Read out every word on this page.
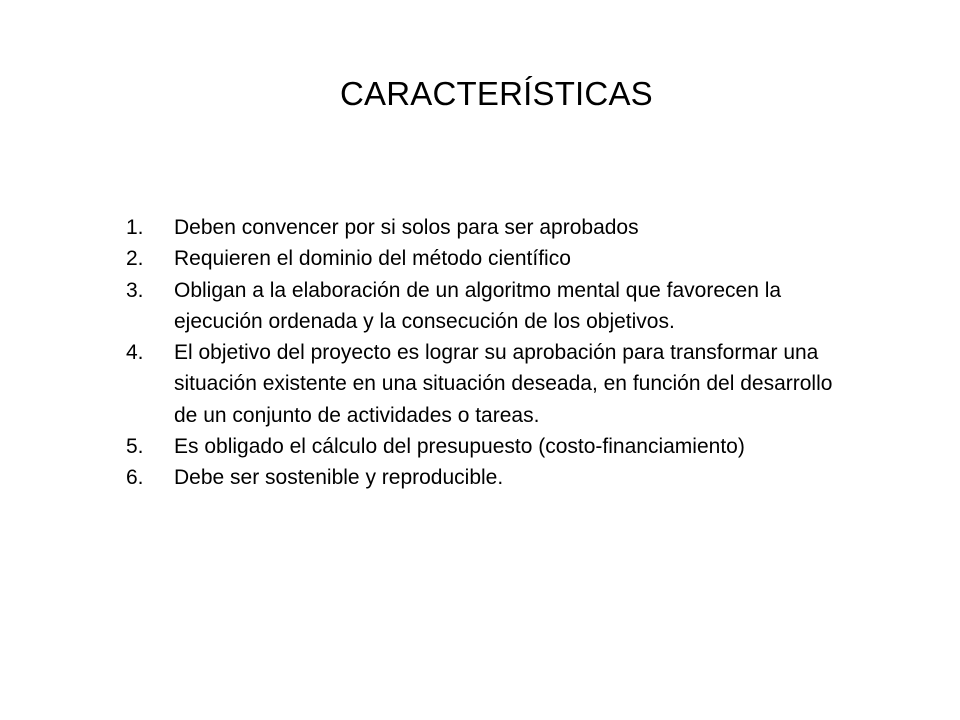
CARACTERÍSTICAS
1. Deben convencer por si solos para ser aprobados
2. Requieren el dominio del método científico
3. Obligan a la elaboración de un algoritmo mental que favorecen la ejecución ordenada y la consecución de los objetivos.
4. El objetivo del proyecto es lograr su aprobación para transformar una situación existente en una situación deseada, en función del desarrollo de un conjunto de actividades o tareas.
5. Es obligado el cálculo del presupuesto (costo-financiamiento)
6. Debe ser sostenible y reproducible.
